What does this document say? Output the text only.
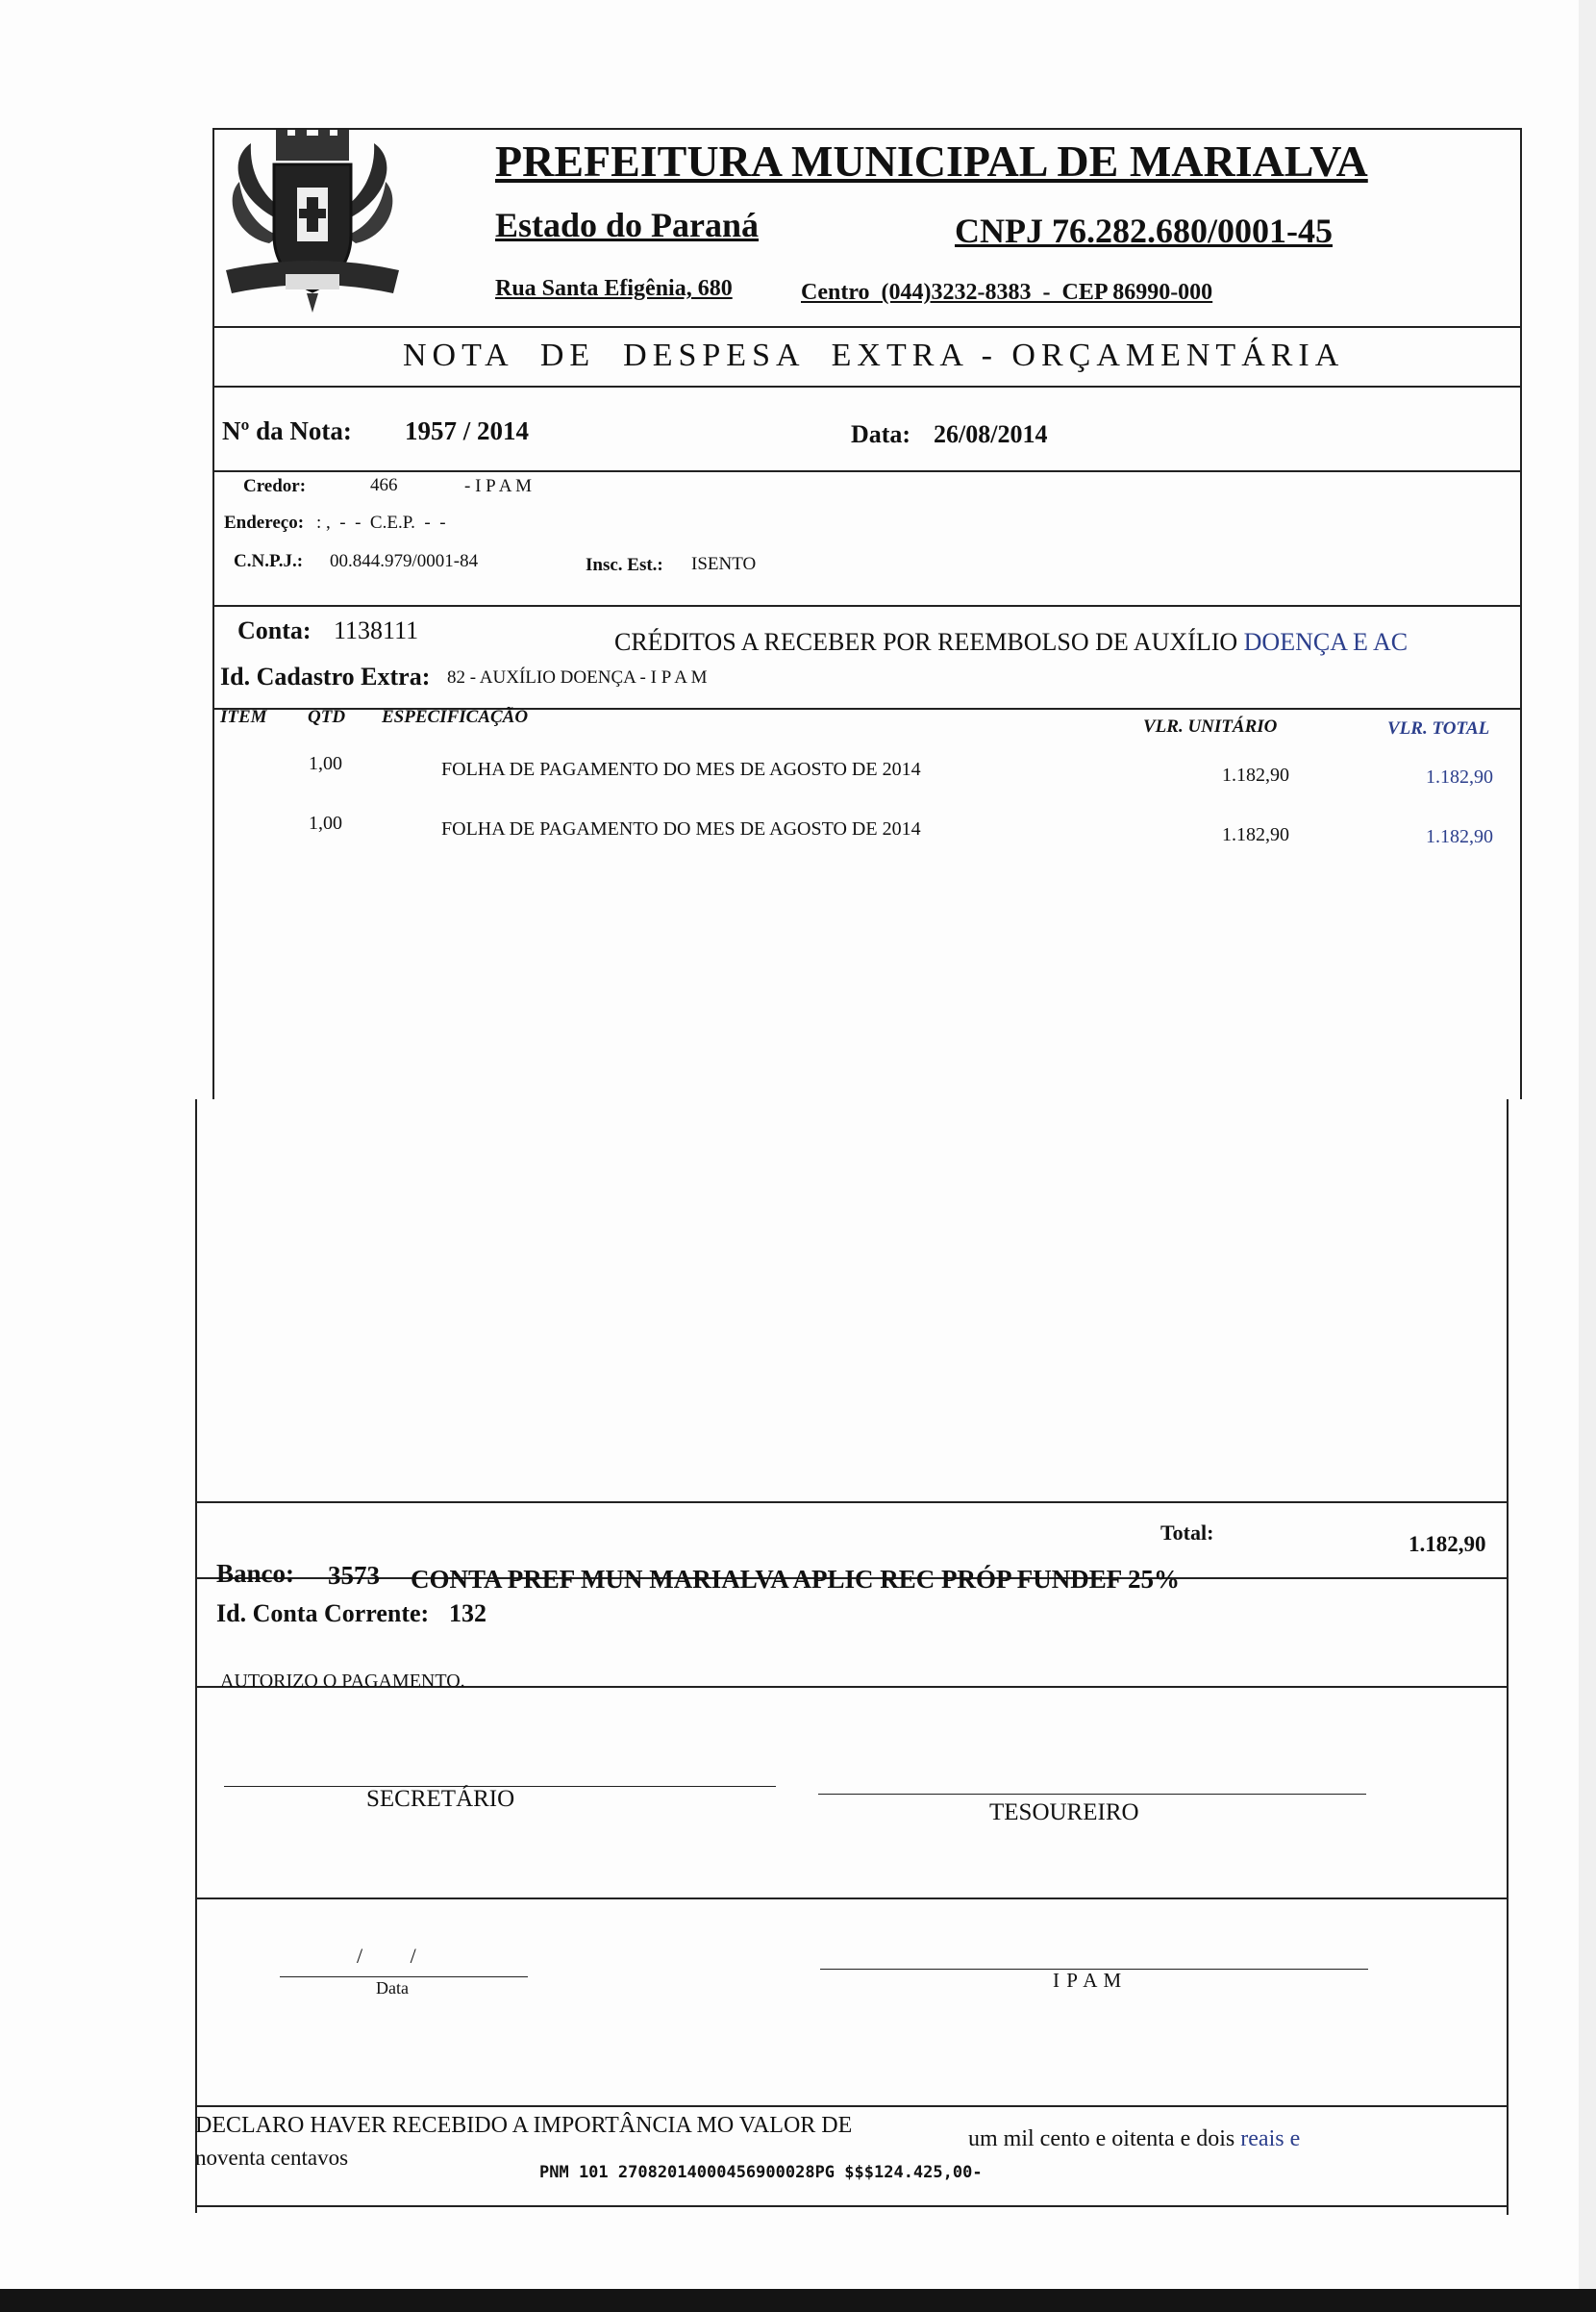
PREFEITURA MUNICIPAL DE MARIALVA
Estado do Paraná	CNPJ 76.282.680/0001-45
Rua Santa Efigênia, 680	Centro  (044)3232-8383  -  CEP 86990-000
NOTA  DE  DESPESA  EXTRA - ORÇAMENTÁRIA
Nº da Nota: 1957 / 2014	Data: 26/08/2014
Credor:	466	- I P A M
Endereço: : ,  -  -  C.E.P.  -  -
C.N.P.J.: 00.844.979/0001-84	Insc. Est.: ISENTO
Conta: 1138111	CRÉDITOS A RECEBER POR REEMBOLSO DE AUXÍLIO DOENÇA E AC
Id. Cadastro Extra: 82 - AUXÍLIO DOENÇA - I P A M
ITEM QTD ESPECIFICAÇÃO	VLR. UNITÁRIO	VLR. TOTAL
1,00	FOLHA DE PAGAMENTO DO MES DE AGOSTO DE 2014	1.182,90	1.182,90
1,00	FOLHA DE PAGAMENTO DO MES DE AGOSTO DE 2014	1.182,90	1.182,90
Total:	1.182,90
Banco: 3573 CONTA PREF MUN MARIALVA APLIC REC PRÓP FUNDEF 25%
Id. Conta Corrente: 132
AUTORIZO O PAGAMENTO.
SECRETÁRIO
TESOUREIRO
/         /
Data	I P A M
DECLARO HAVER RECEBIDO A IMPORTÂNCIA MO VALOR DE
um mil cento e oitenta e dois reais e
noventa centavos
PNM 101 27082014000456900028PG $$$124.425,00-
